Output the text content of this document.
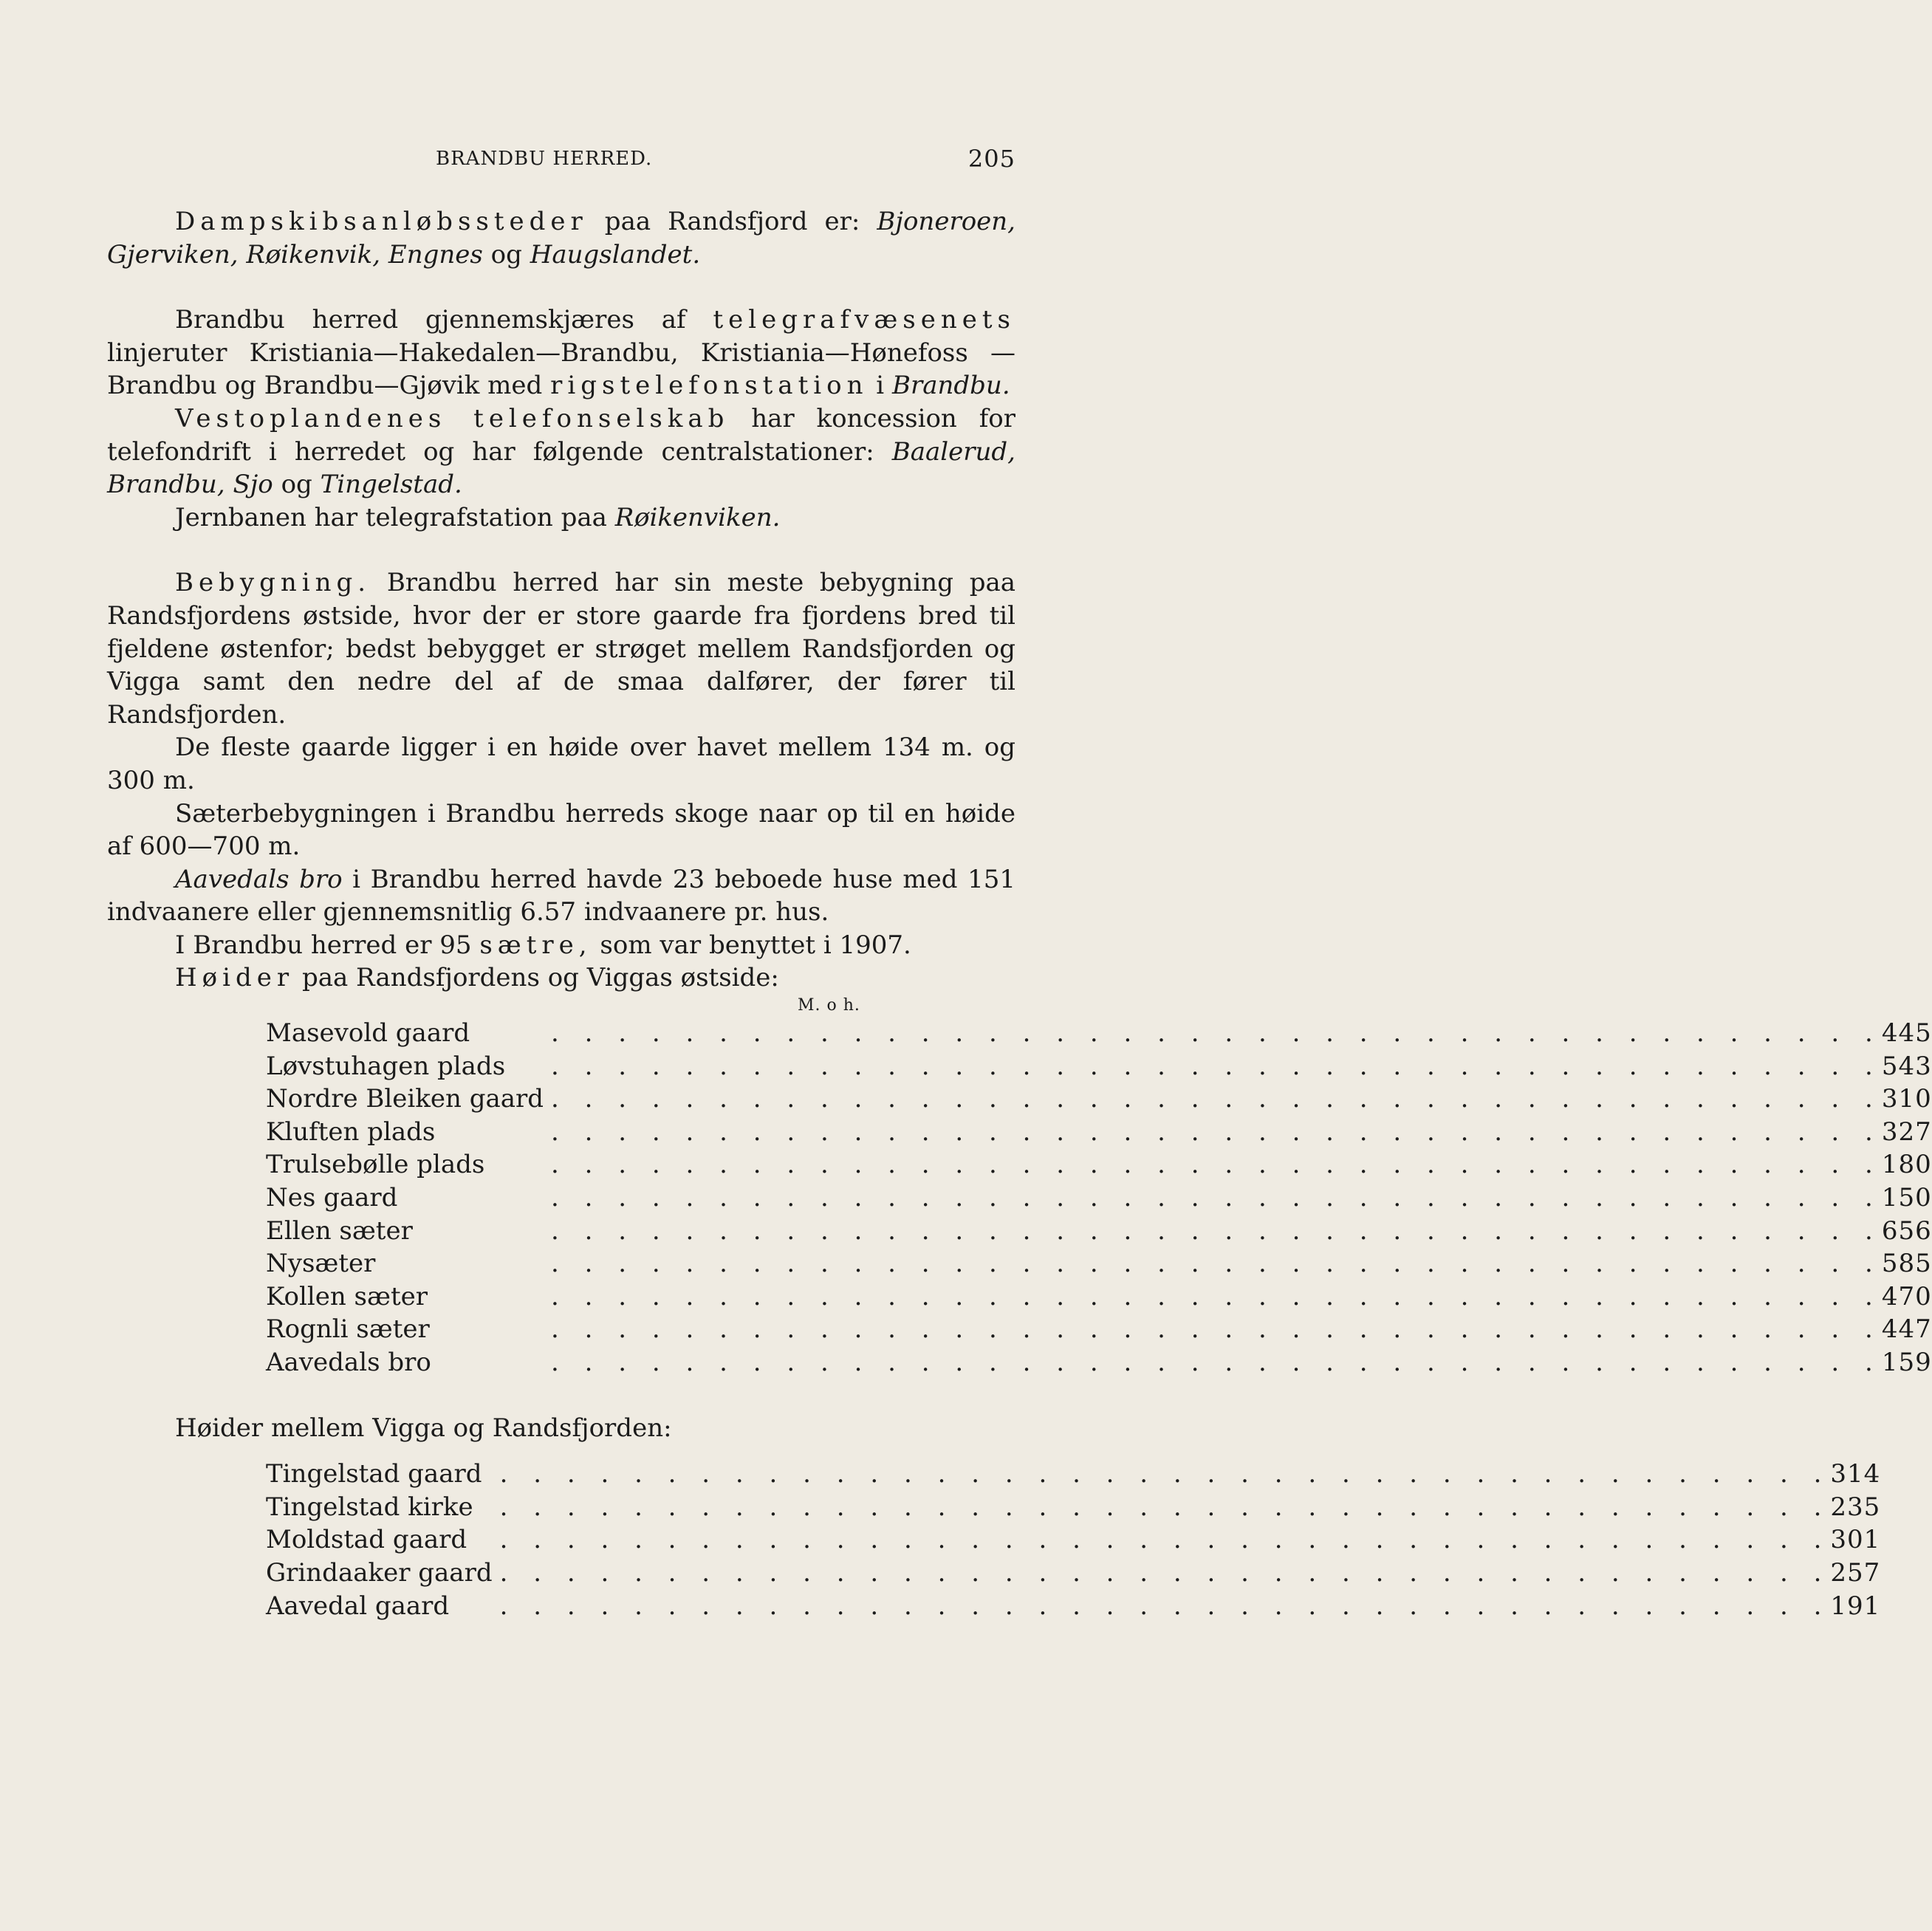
BRANDBU HERRED.	205

Dampskibsanløbssteder paa Randsfjord er: Bjoneroen, Gjerviken, Røikenvik, Engnes og Haugslandet.

Brandbu herred gjennemskjæres af telegrafvæsenets linjeruter Kristiania—Hakedalen—Brandbu, Kristiania—Hønefoss —Brandbu og Brandbu—Gjøvik med rigstelefonstation i Brandbu.

Vestoplandenes telefonselskab har koncession for telefondrift i herredet og har følgende centralstationer: Baalerud, Brandbu, Sjo og Tingelstad.

Jernbanen har telegrafstation paa Røikenviken.

Bebygning. Brandbu herred har sin meste bebygning paa Randsfjordens østside, hvor der er store gaarde fra fjordens bred til fjeldene østenfor; bedst bebygget er strøget mellem Randsfjorden og Vigga samt den nedre del af de smaa dalfører, der fører til Randsfjorden.

De fleste gaarde ligger i en høide over havet mellem 134 m. og 300 m.

Sæterbebygningen i Brandbu herreds skoge naar op til en høide af 600—700 m.

Aavedals bro i Brandbu herred havde 23 beboede huse med 151 indvaanere eller gjennemsnitlig 6.57 indvaanere pr. hus.

I Brandbu herred er 95 sætre, som var benyttet i 1907.

Høider paa Randsfjordens og Viggas østside:

M. o h.

Masevold gaard
. . .	445

Løvstuhagen plads
. . .	543

Nordre Bleiken gaard
. . .	310

Kluften plads
. . .	327

Trulsebølle plads
. . .	180

Nes gaard
. . .	150

Ellen sæter
. . .	656

Nysæter
. . .	585

Kollen sæter
. . .	470

Rognli sæter
. . .	447

Aavedals bro
. . .	159

Høider mellem Vigga og Randsfjorden:

Tingelstad gaard
. . .	314

Tingelstad kirke
. . .	235

Moldstad gaard
. . .	301

Grindaaker gaard
. . .	257

Aavedal gaard
. . .	191
